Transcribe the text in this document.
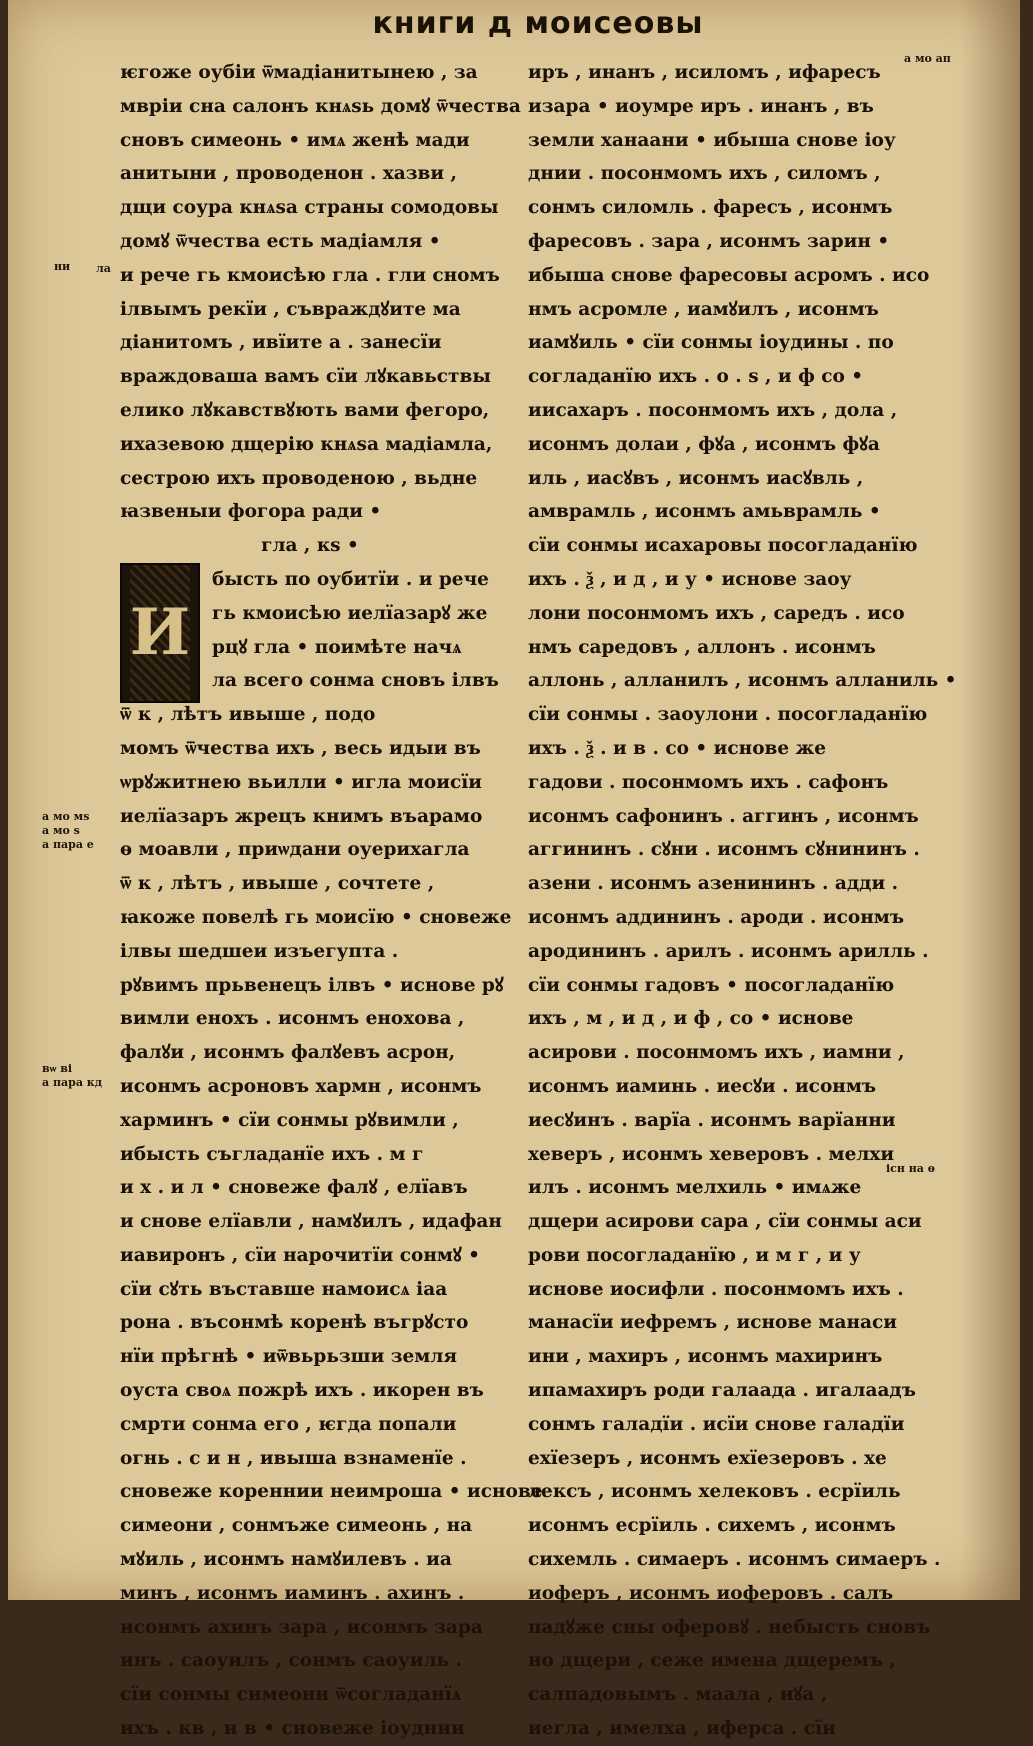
книги д моисеовы
а мо ап
ни ла
а мо мѕ
а мо ѕ
а пара е
вѡ ві
а пара кд
існ на ѳ
ѥгоже оубіи ѿмадіанитынею , за
мвріи сна салонъ кнѧѕь домꙋ ѿчества
сновъ симеонь • имѧ женѣ мади
анитыни , проводенон . хазви ,
дщи соура кнѧѕа страны сомодовы
домꙋ ѿчества есть мадіамля •
и рече гь кмоисѣю гла . гли сномъ
ілвымъ рекїи , съвраждꙋите ма
діанитомъ , ивїите а . занесїи
враждоваша вамъ сїи лꙋкавьствы
елико лꙋкавствꙋють вами фегоро,
ихазевою дщерію кнѧѕа мадіамла,
сестрою ихъ проводеною , вьдне
ꙗзвеныи фогора ради •
гла , кѕ •
И
бысть по оубитїи . и рече
гь кмоисѣю иелїазарꙋ же
рцꙋ гла • поимѣте начѧ
ла всего сонма сновъ ілвъ
ѿ к , лѣтъ ивыше , подо
момъ ѿчества ихъ , весь идыи въ
ѡрꙋжитнею вьилли • игла моисїи
иелїазаръ жрецъ книмъ въарамо
ѳ моавли , приѡдани оуерихагла
ѿ к , лѣтъ , ивыше , сочтете ,
ꙗкоже повелѣ гь моисїю • сновеже
ілвы шедшеи изъегупта .
рꙋвимъ прьвенецъ ілвъ • иснове рꙋ
вимли енохъ . исонмъ енохова ,
фалꙋи , исонмъ фалꙋевъ асрон,
исонмъ асроновъ хармн , исонмъ
харминъ • сїи сонмы рꙋвимли ,
ибысть съгладанїе ихъ . м г
и х . и л • сновеже фалꙋ , елїавъ
и снове елїавли , намꙋилъ , идафан
иавиронъ , сїи нарочитїи сонмꙋ •
сїи сꙋть въставше намоисѧ іаа
рона . въсонмѣ коренѣ въгрꙋсто
нїи прѣгнѣ • иѿвьрьзши земля
оуста своѧ пожрѣ ихъ . икорен въ
смрти сонма его , ѥгда попали
огнь . с и н , ивыша взнаменїе .
сновеже кореннии неимроша • иснове
симеони , сонмъже симеонь , на
мꙋиль , исонмъ намꙋилевъ . иа
минъ , исонмъ иаминъ . ахинъ .
исонмъ ахинъ зара , исонмъ зара
инъ . саоуилъ , сонмъ саоуиль .
сїи сонмы симеони ѿсогладанїѧ
ихъ . кв , и в • сновеже іоуднии
иръ , инанъ , исиломъ , ифаресъ
изара • иоумре иръ . инанъ , въ
земли ханаани • ибыша снове іоу
днии . посонмомъ ихъ , силомъ ,
сонмъ силомль . фаресъ , исонмъ
фаресовъ . зара , исонмъ зарин •
ибыша снове фаресовы асромъ . исо
нмъ асромле , иамꙋилъ , исонмъ
иамꙋиль • сїи сонмы іоудины . по
согладанїю ихъ . о . ѕ , и ф со •
иисахаръ . посонмомъ ихъ , дола ,
исонмъ долаи , фꙋа , исонмъ фꙋа
иль , иасꙋвъ , исонмъ иасꙋвль ,
амврамль , исонмъ амьврамль •
сїи сонмы исахаровы посогладанїю
ихъ . ѯ , и д , и у • иснове заоу
лони посонмомъ ихъ , саредъ . исо
нмъ саредовъ , аллонъ . исонмъ
аллонь , алланилъ , исонмъ алланиль •
сїи сонмы . заоулони . посогладанїю
ихъ . ѯ . и в . со • иснове же
гадови . посонмомъ ихъ . сафонъ
исонмъ сафонинъ . аггинъ , исонмъ
аггининъ . сꙋни . исонмъ сꙋнининъ .
азени . исонмъ азенининъ . адди .
исонмъ аддининъ . ароди . исонмъ
ародининъ . арилъ . исонмъ арилль .
сїи сонмы гадовъ • посогладанїю
ихъ , м , и д , и ф , со • иснове
асирови . посонмомъ ихъ , иамни ,
исонмъ иаминь . иесꙋи . исонмъ
иесꙋинъ . варїа . исонмъ варїанни
хеверъ , исонмъ хеверовъ . мелхи
илъ . исонмъ мелхиль • имѧже
дщери асирови сара , сїи сонмы аси
рови посогладанїю , и м г , и у
иснове иосифли . посонмомъ ихъ .
манасїи иефремъ , иснове манаси
ини , махиръ , исонмъ махиринъ
ипамахиръ роди галаада . игалаадъ
сонмъ галадїи . исїи снове галадїи
ехїезеръ , исонмъ ехїезеровъ . хе
лексъ , исонмъ хелековъ . есрїиль
исонмъ есрїиль . сихемъ , исонмъ
сихемль . симаеръ . исонмъ симаеръ .
иоферъ , исонмъ иоферовъ . салъ
падꙋже сны оферовꙋ . небысть сновъ
но дщери , сеже имена дщеремъ ,
салпадовымъ . маала , иꙋа ,
иегла , имелха , иферса . сїи
